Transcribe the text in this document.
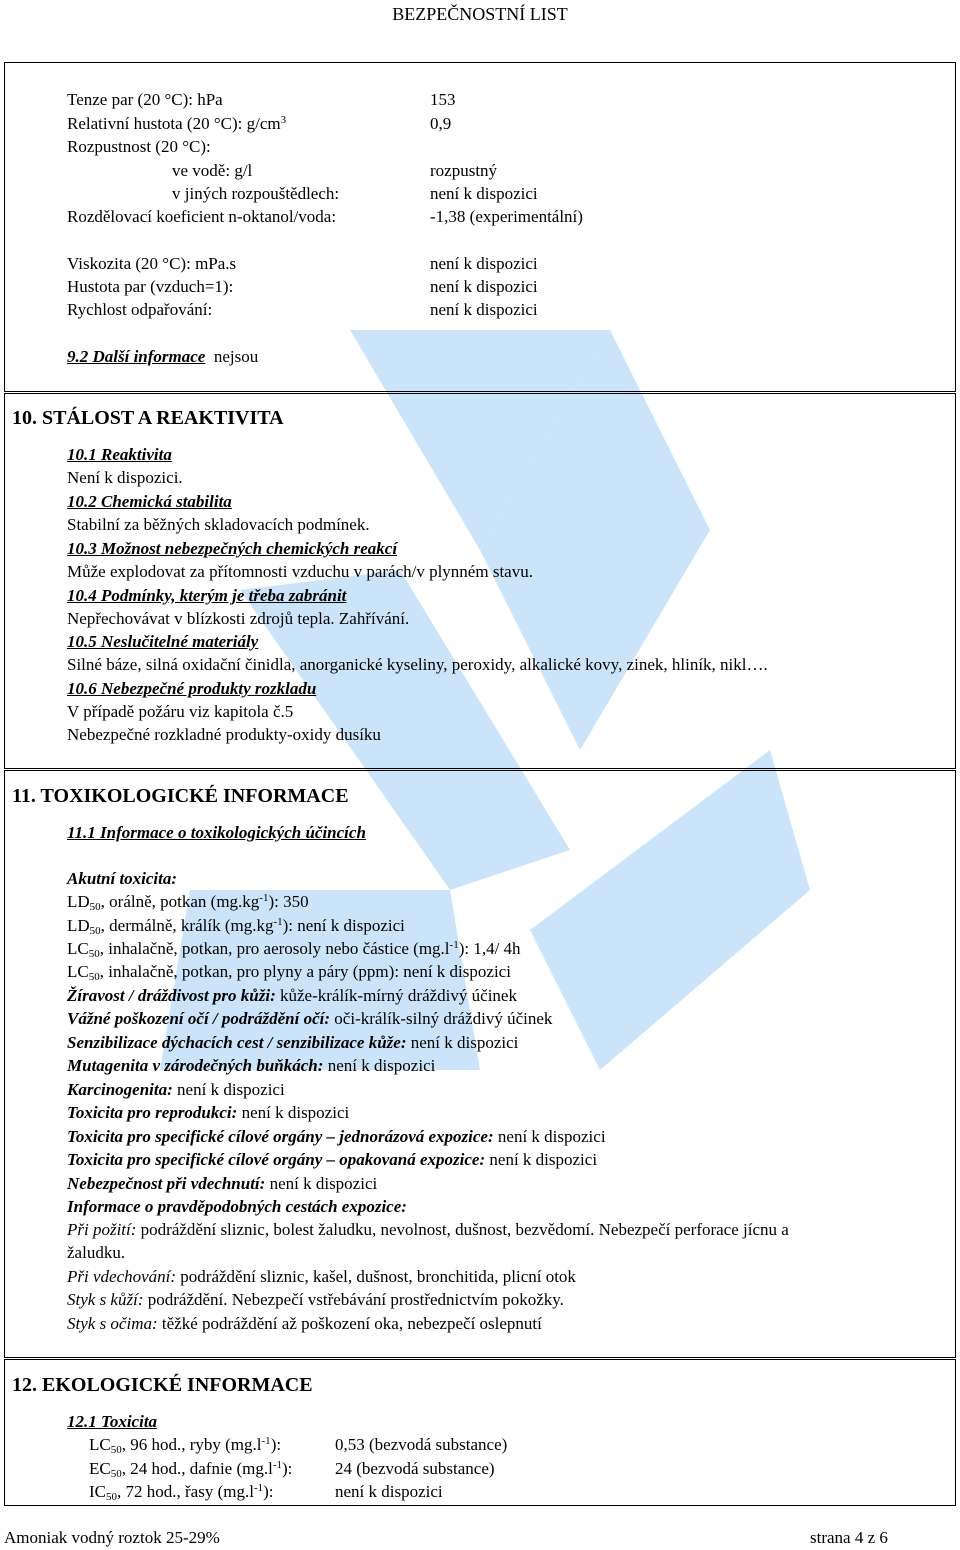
BEZPEČNOSTNÍ LIST
Tenze par (20 °C): hPa	153
Relativní hustota (20 °C): $g/cm^3$	0,9
Rozpustnost (20 °C):
ve vodě: g/l	rozpustný
v jiných rozpouštědlech:	není k dispozici
Rozdělovací koeficient n-oktanol/voda:	-1,38 (experimentální)
Viskozita (20 °C): mPa.s	není k dispozici
Hustota par (vzduch=1):	není k dispozici
Rychlost odpařování:	není k dispozici
9.2 Další informace nejsou
10. STÁLOST A REAKTIVITA
10.1 Reaktivita
Není k dispozici.
10.2 Chemická stabilita
Stabilní za běžných skladovacích podmínek.
10.3 Možnost nebezpečných chemických reakcí
Může explodovat za přítomnosti vzduchu v parách/v plynném stavu.
10.4 Podmínky, kterým je třeba zabránit
Nepřechovávat v blízkosti zdrojů tepla. Zahřívání.
10.5 Neslučitelné materiály
Silné báze, silná oxidační činidla, anorganické kyseliny, peroxidy, alkalické kovy, zinek, hliník, nikl….
10.6 Nebezpečné produkty rozkladu
V případě požáru viz kapitola č.5
Nebezpečné rozkladné produkty-oxidy dusíku
11. TOXIKOLOGICKÉ INFORMACE
11.1 Informace o toxikologických účincích
Akutní toxicita:
$LD_{50}$, orálně, potkan $(mg.kg^{-1})$: 350
$LD_{50}$, dermálně, králík $(mg.kg^{-1})$: není k dispozici
$LC_{50}$, inhalačně, potkan, pro aerosoly nebo částice $(mg.l^{-1})$: 1,4/ 4h
$LC_{50}$, inhalačně, potkan, pro plyny a páry (ppm): není k dispozici
Žíravost / dráždivost pro kůži: kůže-králík-mírný dráždivý účinek
Vážné poškození očí / podráždění očí: oči-králík-silný dráždivý účinek
Senzibilizace dýchacích cest / senzibilizace kůže: není k dispozici
Mutagenita v zárodečných buňkách: není k dispozici
Karcinogenita: není k dispozici
Toxicita pro reprodukci: není k dispozici
Toxicita pro specifické cílové orgány – jednorázová expozice: není k dispozici
Toxicita pro specifické cílové orgány – opakovaná expozice: není k dispozici
Nebezpečnost při vdechnutí: není k dispozici
Informace o pravděpodobných cestách expozice:
Při požití: podráždění sliznic, bolest žaludku, nevolnost, dušnost, bezvědomí. Nebezpečí perforace jícnu a
žaludku.
Při vdechování: podráždění sliznic, kašel, dušnost, bronchitida, plicní otok
Styk s kůží: podráždění. Nebezpečí vstřebávání prostřednictvím pokožky.
Styk s očima: těžké podráždění až poškození oka, nebezpečí oslepnutí
12. EKOLOGICKÉ INFORMACE
12.1 Toxicita
$LC_{50}$, 96 hod., ryby $(mg.l^{-1})$:	0,53 (bezvodá substance)
$EC_{50}$, 24 hod., dafnie $(mg.l^{-1})$:	24 (bezvodá substance)
$IC_{50}$, 72 hod., řasy $(mg.l^{-1})$:	není k dispozici
Amoniak vodný roztok 25-29%	strana 4 z 6
